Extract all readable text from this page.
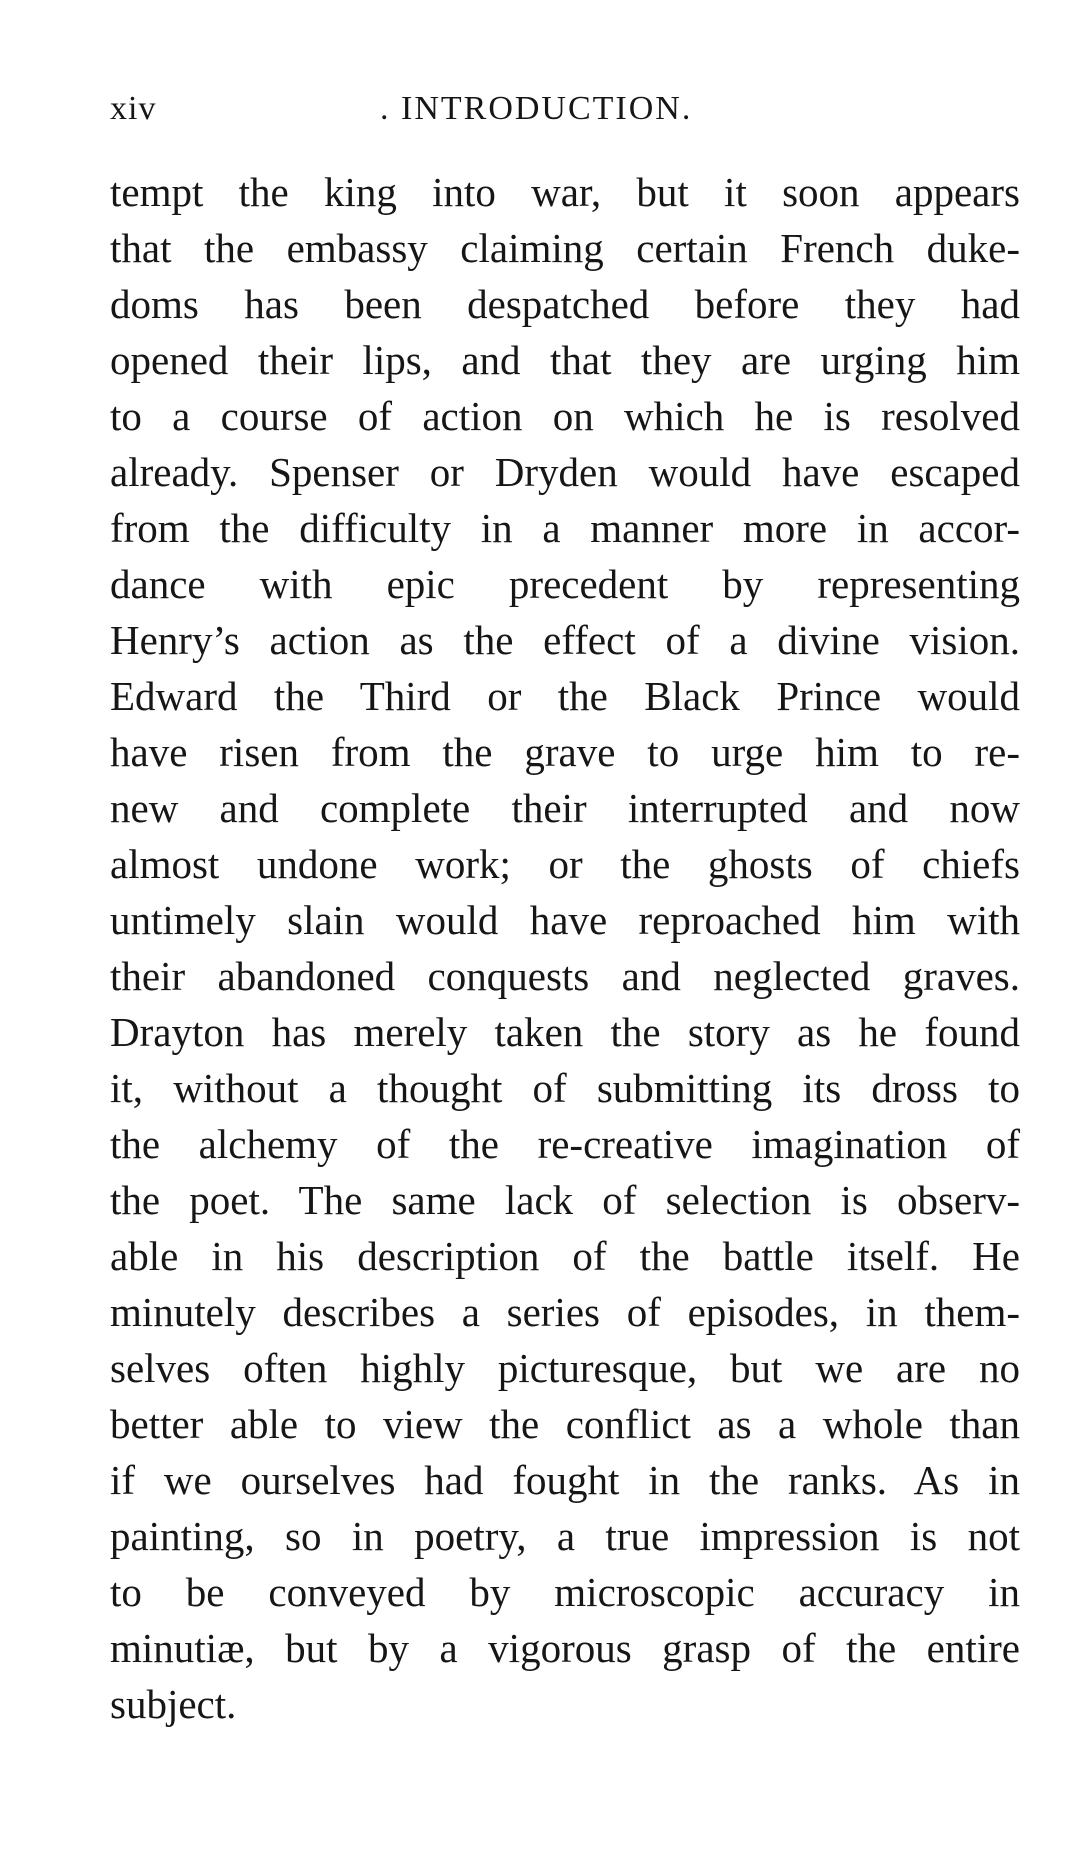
xiv	. INTRODUCTION.
tempt the king into war, but it soon appears
that the embassy claiming certain French duke-
doms has been despatched before they had
opened their lips, and that they are urging him
to a course of action on which he is resolved
already. Spenser or Dryden would have escaped
from the difficulty in a manner more in accor-
dance with epic precedent by representing
Henry’s action as the effect of a divine vision.
Edward the Third or the Black Prince would
have risen from the grave to urge him to re-
new and complete their interrupted and now
almost undone work; or the ghosts of chiefs
untimely slain would have reproached him with
their abandoned conquests and neglected graves.
Drayton has merely taken the story as he found
it, without a thought of submitting its dross to
the alchemy of the re-creative imagination of
the poet. The same lack of selection is observ-
able in his description of the battle itself. He
minutely describes a series of episodes, in them-
selves often highly picturesque, but we are no
better able to view the conflict as a whole than
if we ourselves had fought in the ranks. As in
painting, so in poetry, a true impression is not
to be conveyed by microscopic accuracy in
minutiæ, but by a vigorous grasp of the entire
subject.
